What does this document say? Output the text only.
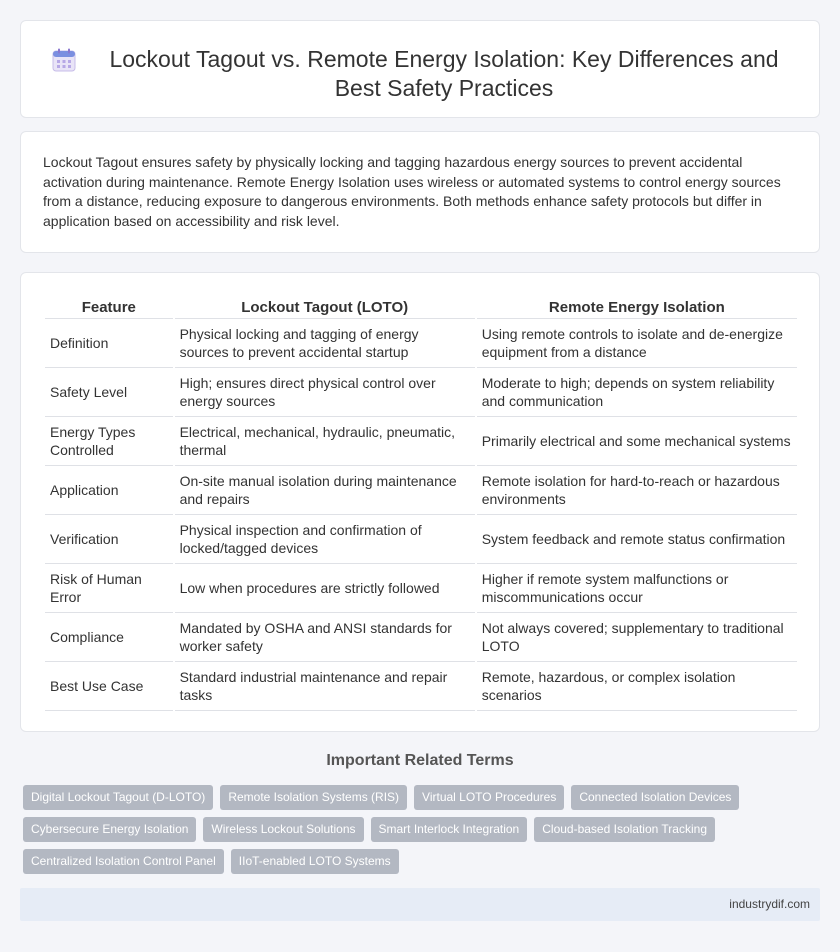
Lockout Tagout vs. Remote Energy Isolation: Key Differences and Best Safety Practices

Lockout Tagout ensures safety by physically locking and tagging hazardous energy sources to prevent accidental activation during maintenance. Remote Energy Isolation uses wireless or automated systems to control energy sources from a distance, reducing exposure to dangerous environments. Both methods enhance safety protocols but differ in application based on accessibility and risk level.

Feature	Lockout Tagout (LOTO)	Remote Energy Isolation
Definition	Physical locking and tagging of energy sources to prevent accidental startup	Using remote controls to isolate and de-energize equipment from a distance
Safety Level	High; ensures direct physical control over energy sources	Moderate to high; depends on system reliability and communication
Energy Types Controlled	Electrical, mechanical, hydraulic, pneumatic, thermal	Primarily electrical and some mechanical systems
Application	On-site manual isolation during maintenance and repairs	Remote isolation for hard-to-reach or hazardous environments
Verification	Physical inspection and confirmation of locked/tagged devices	System feedback and remote status confirmation
Risk of Human Error	Low when procedures are strictly followed	Higher if remote system malfunctions or miscommunications occur
Compliance	Mandated by OSHA and ANSI standards for worker safety	Not always covered; supplementary to traditional LOTO
Best Use Case	Standard industrial maintenance and repair tasks	Remote, hazardous, or complex isolation scenarios
Important Related Terms
Digital Lockout Tagout (D-LOTO)	Remote Isolation Systems (RIS)	Virtual LOTO Procedures	Connected Isolation Devices
Cybersecure Energy Isolation	Wireless Lockout Solutions	Smart Interlock Integration	Cloud-based Isolation Tracking
Centralized Isolation Control Panel	IIoT-enabled LOTO Systems
industrydif.com
